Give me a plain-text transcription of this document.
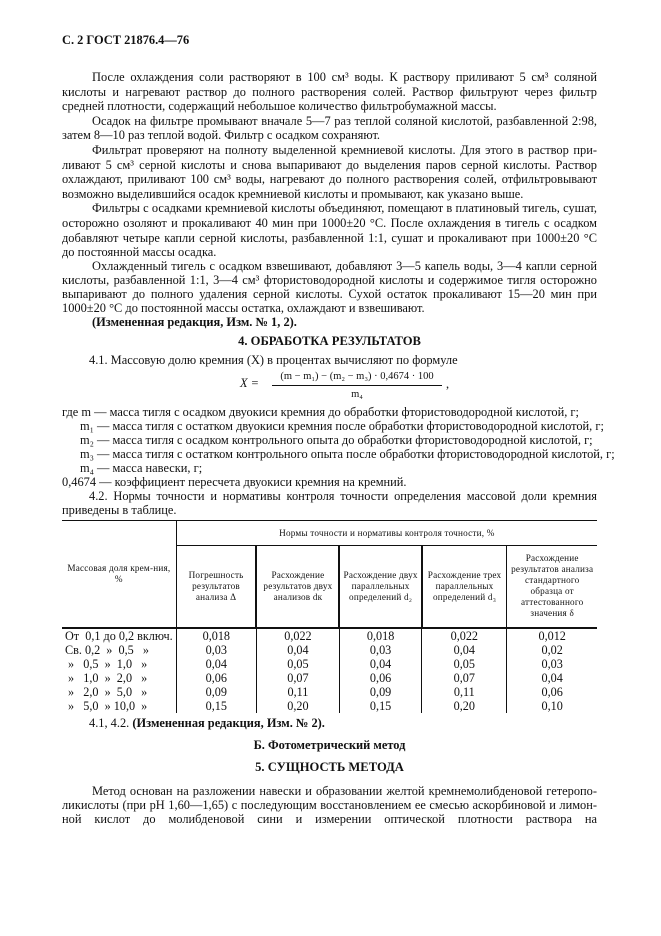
С. 2 ГОСТ 21876.4—76
После охлаждения соли растворяют в 100 см³ воды. К раствору приливают 5 см³ соляной
кислоты и нагревают раствор до полного растворения солей. Раствор фильтруют через фильтр
средней плотности, содержащий небольшое количество фильтробумажной массы.
Осадок на фильтре промывают вначале 5—7 раз теплой соляной кислотой, разбавленной 2:98,
затем 8—10 раз теплой водой. Фильтр с осадком сохраняют.
Фильтрат проверяют на полноту выделенной кремниевой кислоты. Для этого в раствор при-
ливают 5 см³ серной кислоты и снова выпаривают до выделения паров серной кислоты. Раствор
охлаждают, приливают 100 см³ воды, нагревают до полного растворения солей, отфильтровывают
возможно выделившийся осадок кремниевой кислоты и промывают, как указано выше.
Фильтры с осадками кремниевой кислоты объединяют, помещают в платиновый тигель, сушат,
осторожно озоляют и прокаливают 40 мин при 1000±20 °С. После охлаждения в тигель с осадком
добавляют четыре капли серной кислоты, разбавленной 1:1, сушат и прокаливают при 1000±20 °С
до постоянной массы осадка.
Охлажденный тигель с осадком взвешивают, добавляют 3—5 капель воды, 3—4 капли серной
кислоты, разбавленной 1:1, 3—4 см³ фтористоводородной кислоты и содержимое тигля осторожно
выпаривают до полного удаления серной кислоты. Сухой остаток прокаливают 15—20 мин при
1000±20 °С до постоянной массы остатка, охлаждают и взвешивают.
(Измененная редакция, Изм. № 1, 2).
4. ОБРАБОТКА РЕЗУЛЬТАТОВ
4.1. Массовую долю кремния (X) в процентах вычисляют по формуле
X =	$\frac{\text{(m − m₁) − (m₂ − m₃) · 0,4674 · 100}}{\text{m₄}}$ ,
где m — масса тигля с осадком двуокиси кремния до обработки фтористоводородной кислотой, г;
m₁ — масса тигля с остатком двуокиси кремния после обработки фтористоводородной кислотой, г;
m₂ — масса тигля с осадком контрольного опыта до обработки фтористоводородной кислотой, г;
m₃ — масса тигля с остатком контрольного опыта после обработки фтористоводородной кислотой, г;
m₄ — масса навески, г;
0,4674 — коэффициент пересчета двуокиси кремния на кремний.
4.2. Нормы точности и нормативы контроля точности определения массовой доли кремния
приведены в таблице.
Массовая доля крем-ния, %	Нормы точности и нормативы контроля точности, %				
	Погрешность результатов анализа Δ	Расхождение результатов двух анализов dк	Расхождение двух параллельных определений d₂	Расхождение трех параллельных определений d₃	Расхождение результатов анализа стандартного образца от аттестованного значения δ
От  0,1 до 0,2 включ.	0,018	0,022	0,018	0,022	0,012
Св. 0,2  »  0,5   »	0,03	0,04	0,03	0,04	0,02
»   0,5  »  1,0   »	0,04	0,05	0,04	0,05	0,03
»   1,0  »  2,0   »	0,06	0,07	0,06	0,07	0,04
»   2,0  »  5,0   »	0,09	0,11	0,09	0,11	0,06
»   5,0  » 10,0  »	0,15	0,20	0,15	0,20	0,10
4.1, 4.2. (Измененная редакция, Изм. № 2).
Б. Фотометрический метод
5. СУЩНОСТЬ МЕТОДА
Метод основан на разложении навески и образовании желтой кремнемолибденовой гетеропо-
ликислоты (при pH 1,60—1,65) с последующим восстановлением ее смесью аскорбиновой и лимон-
ной кислот до молибденовой сини и измерении оптической плотности раствора на
